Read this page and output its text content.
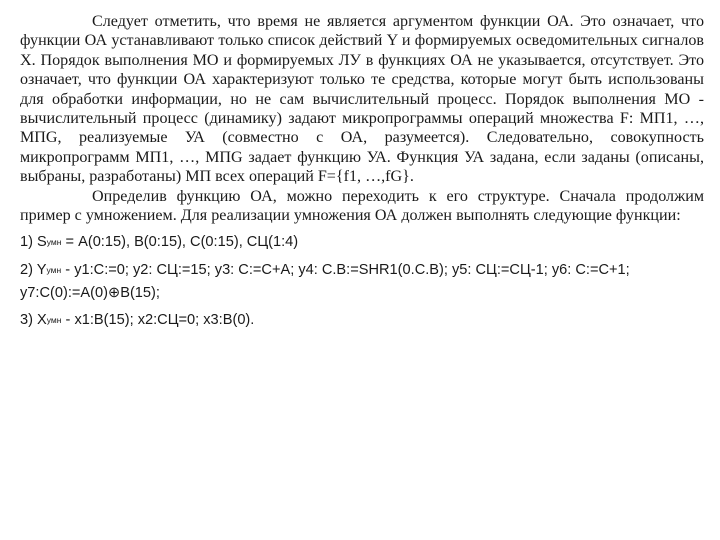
Следует отметить, что время не является аргументом функции ОА. Это означает, что функции ОА устанавливают только список действий Y и формируемых осведомительных сигналов X. Порядок выполнения МО и формируемых ЛУ в функциях ОА не указывается, отсутствует. Это означает, что функции ОА характеризуют только те средства, которые могут быть использованы для обработки информации, но не сам вычислительный процесс. Порядок выполнения МО - вычислительный процесс (динамику) задают микропрограммы операций множества F: МП1, …, МПG, реализуемые УА (совместно с ОА, разумеется). Следовательно, совокупность микропрограмм МП1, …, МПG задает функцию УА. Функция УА задана, если заданы (описаны, выбраны, разработаны) МП всех операций F={f1, …,fG}.

Определив функцию ОА, можно переходить к его структуре. Сначала продолжим пример с умножением. Для реализации умножения ОА должен выполнять следующие функции:

1) $S_{умн}$ = A(0:15), B(0:15), C(0:15), СЦ(1:4)
2) $Y_{умн}$ - y1:C:=0; y2: СЦ:=15; y3: C:=C+A; y4: C.B:=SHR1(0.C.B); y5: СЦ:=СЦ-1; y6: C:=C+1;
y7:C(0):=A(0)⊕B(15);
3) $X_{умн}$ - x1:B(15); x2:СЦ=0; x3:B(0).
